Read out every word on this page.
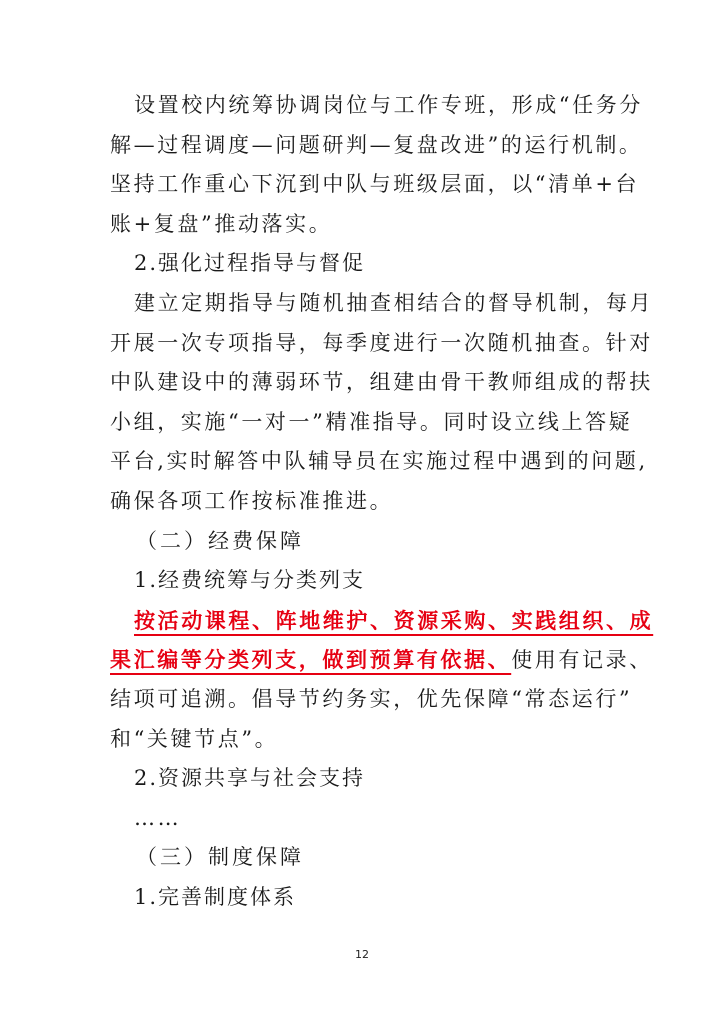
设置校内统筹协调岗位与工作专班，形成“任务分
解—过程调度—问题研判—复盘改进”的运行机制。
坚持工作重心下沉到中队与班级层面，以“清单+台
账+复盘”推动落实。
2.强化过程指导与督促
建立定期指导与随机抽查相结合的督导机制，每月
开展一次专项指导，每季度进行一次随机抽查。针对
中队建设中的薄弱环节，组建由骨干教师组成的帮扶
小组，实施“一对一”精准指导。同时设立线上答疑
平台,实时解答中队辅导员在实施过程中遇到的问题,
确保各项工作按标准推进。
（二）经费保障
1.经费统筹与分类列支
按活动课程、阵地维护、资源采购、实践组织、成
果汇编等分类列支，做到预算有依据、使用有记录、
结项可追溯。倡导节约务实，优先保障“常态运行”
和“关键节点”。
2.资源共享与社会支持
……
（三）制度保障
1.完善制度体系
12
